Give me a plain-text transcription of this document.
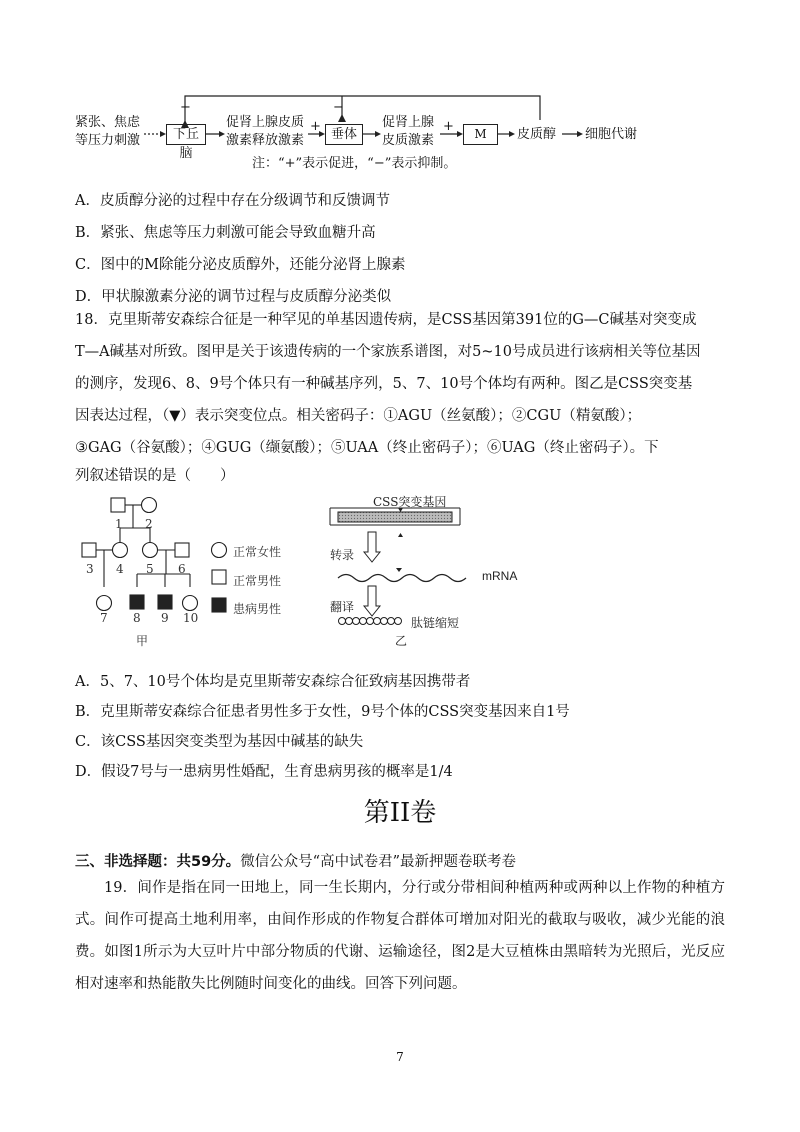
−	−
紧张、焦虑
等压力刺激	下丘脑
促肾上腺皮质
激素释放激素
+
垂体
促肾上腺
皮质激素
+	M	皮质醇 细胞代谢
注：“+”表示促进，“−”表示抑制。
A．皮质醇分泌的过程中存在分级调节和反馈调节
B．紧张、焦虑等压力刺激可能会导致血糖升高
C．图中的M除能分泌皮质醇外，还能分泌肾上腺素
D．甲状腺激素分泌的调节过程与皮质醇分泌类似
18．克里斯蒂安森综合征是一种罕见的单基因遗传病，是CSS基因第391位的G—C碱基对突变成
T—A碱基对所致。图甲是关于该遗传病的一个家族系谱图，对5~10号成员进行该病相关等位基因
的测序，发现6、8、9号个体只有一种碱基序列，5、7、10号个体均有两种。图乙是CSS突变基
因表达过程，（▼）表示突变位点。相关密码子：①AGU（丝氨酸）；②CGU（精氨酸）；
③GAG（谷氨酸）；④GUG（缬氨酸）；⑤UAA（终止密码子）；⑥UAG（终止密码子）。下
列叙述错误的是（　　）
1 2
3 4 5 6
7 8 9 10
正常女性
正常男性
患病男性
甲
CSS突变基因
转录
mRNA
翻译
肽链缩短
乙
A．5、7、10号个体均是克里斯蒂安森综合征致病基因携带者
B．克里斯蒂安森综合征患者男性多于女性，9号个体的CSS突变基因来自1号
C．该CSS基因突变类型为基因中碱基的缺失
D．假设7号与一患病男性婚配，生育患病男孩的概率是1/4
第II卷
三、非选择题：共59分。微信公众号“高中试卷君”最新押题卷联考卷
19．间作是指在同一田地上，同一生长期内，分行或分带相间种植两种或两种以上作物的种植方式。间作可提高土地利用率，由间作形成的作物复合群体可增加对阳光的截取与吸收，减少光能的浪费。如图1所示为大豆叶片中部分物质的代谢、运输途径，图2是大豆植株由黑暗转为光照后，光反应相对速率和热能散失比例随时间变化的曲线。回答下列问题。
7
